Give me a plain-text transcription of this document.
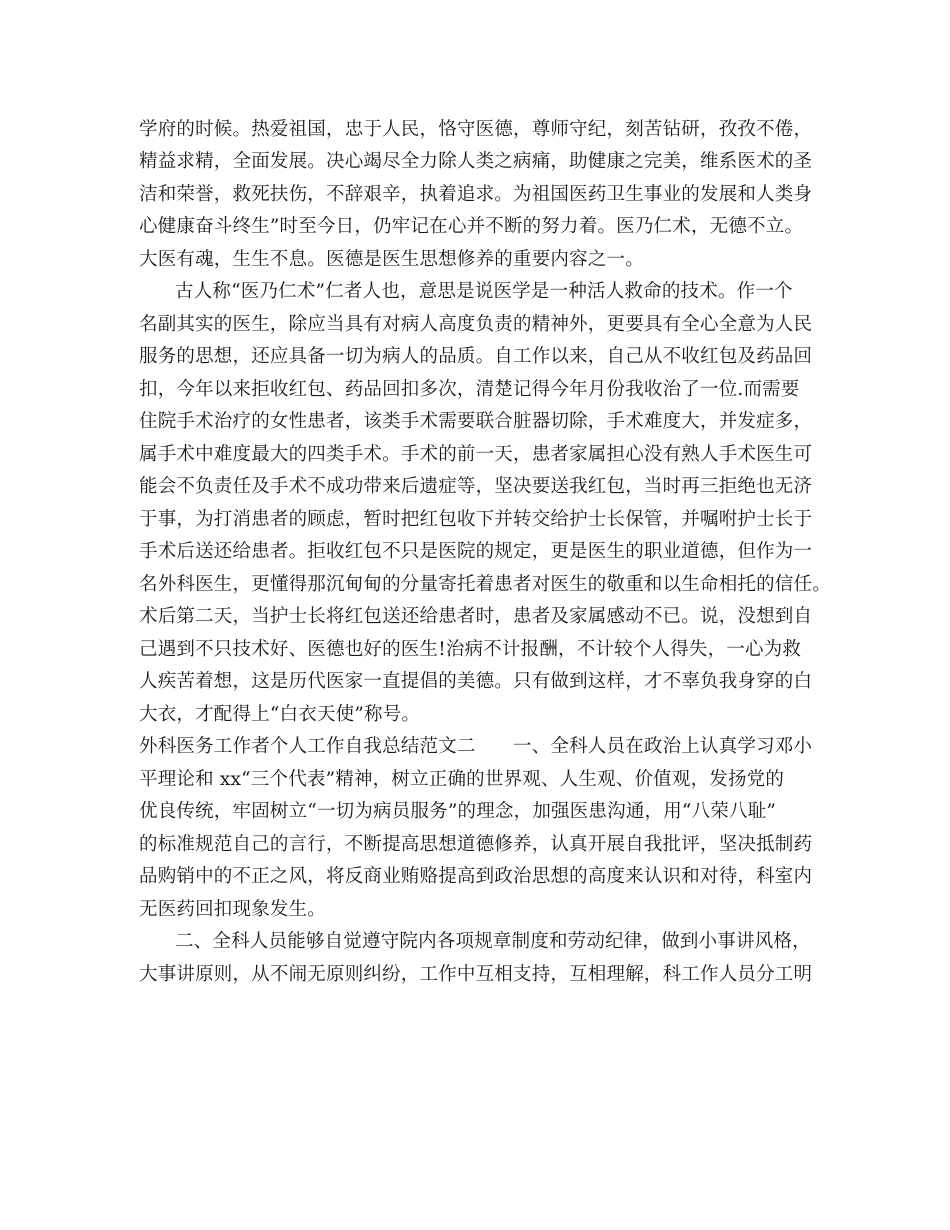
学府的时候。热爱祖国，忠于人民，恪守医德，尊师守纪，刻苦钻研，孜孜不倦，
精益求精，全面发展。决心竭尽全力除人类之病痛，助健康之完美，维系医术的圣
洁和荣誉，救死扶伤，不辞艰辛，执着追求。为祖国医药卫生事业的发展和人类身
心健康奋斗终生”时至今日，仍牢记在心并不断的努力着。医乃仁术，无德不立。
大医有魂，生生不息。医德是医生思想修养的重要内容之一。
古人称“医乃仁术”仁者人也，意思是说医学是一种活人救命的技术。作一个
名副其实的医生，除应当具有对病人高度负责的精神外，更要具有全心全意为人民
服务的思想，还应具备一切为病人的品质。自工作以来，自己从不收红包及药品回
扣，今年以来拒收红包、药品回扣多次，清楚记得今年月份我收治了一位.而需要
住院手术治疗的女性患者，该类手术需要联合脏器切除，手术难度大，并发症多，
属手术中难度最大的四类手术。手术的前一天，患者家属担心没有熟人手术医生可
能会不负责任及手术不成功带来后遗症等，坚决要送我红包，当时再三拒绝也无济
于事，为打消患者的顾虑，暂时把红包收下并转交给护士长保管，并嘱咐护士长于
手术后送还给患者。拒收红包不只是医院的规定，更是医生的职业道德，但作为一
名外科医生，更懂得那沉甸甸的分量寄托着患者对医生的敬重和以生命相托的信任。
术后第二天，当护士长将红包送还给患者时，患者及家属感动不已。说，没想到自
己遇到不只技术好、医德也好的医生!治病不计报酬，不计较个人得失，一心为救
人疾苦着想，这是历代医家一直提倡的美德。只有做到这样，才不辜负我身穿的白
大衣，才配得上“白衣天使”称号。
外科医务工作者个人工作自我总结范文二　　一、全科人员在政治上认真学习邓小
平理论和 xx“三个代表”精神，树立正确的世界观、人生观、价值观，发扬党的
优良传统，牢固树立“一切为病员服务”的理念，加强医患沟通，用“八荣八耻”
的标准规范自己的言行，不断提高思想道德修养，认真开展自我批评，坚决抵制药
品购销中的不正之风，将反商业贿赂提高到政治思想的高度来认识和对待，科室内
无医药回扣现象发生。
二、全科人员能够自觉遵守院内各项规章制度和劳动纪律，做到小事讲风格，
大事讲原则，从不闹无原则纠纷，工作中互相支持，互相理解，科工作人员分工明
